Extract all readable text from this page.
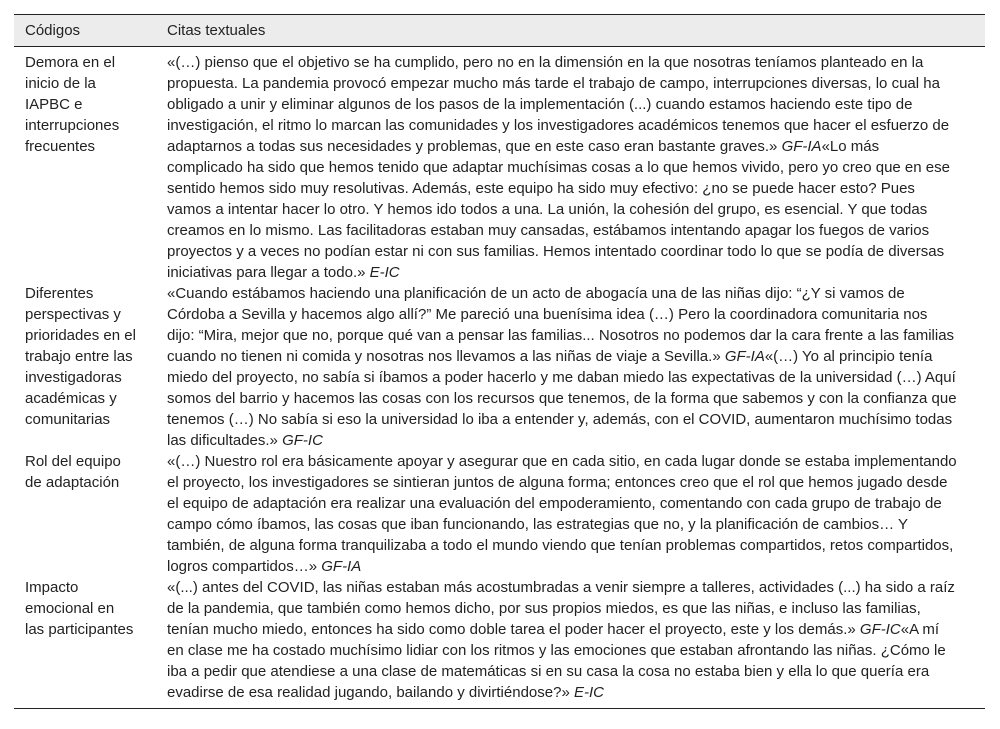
Códigos	Citas textuales
Demora en el inicio de la IAPBC e interrupciones frecuentes	«(…) pienso que el objetivo se ha cumplido, pero no en la dimensión en la que nosotras teníamos planteado en la propuesta. La pandemia provocó empezar mucho más tarde el trabajo de campo, interrupciones diversas, lo cual ha obligado a unir y eliminar algunos de los pasos de la implementación (...) cuando estamos haciendo este tipo de investigación, el ritmo lo marcan las comunidades y los investigadores académicos tenemos que hacer el esfuerzo de adaptarnos a todas sus necesidades y problemas, que en este caso eran bastante graves.» GF-IA«Lo más complicado ha sido que hemos tenido que adaptar muchísimas cosas a lo que hemos vivido, pero yo creo que en ese sentido hemos sido muy resolutivas. Además, este equipo ha sido muy efectivo: ¿no se puede hacer esto? Pues vamos a intentar hacer lo otro. Y hemos ido todos a una. La unión, la cohesión del grupo, es esencial. Y que todas creamos en lo mismo. Las facilitadoras estaban muy cansadas, estábamos intentando apagar los fuegos de varios proyectos y a veces no podían estar ni con sus familias. Hemos intentado coordinar todo lo que se podía de diversas iniciativas para llegar a todo.» E-IC
Diferentes perspectivas y prioridades en el trabajo entre las investigadoras académicas y comunitarias	«Cuando estábamos haciendo una planificación de un acto de abogacía una de las niñas dijo: “¿Y si vamos de Córdoba a Sevilla y hacemos algo allí?” Me pareció una buenísima idea (…) Pero la coordinadora comunitaria nos dijo: “Mira, mejor que no, porque qué van a pensar las familias... Nosotros no podemos dar la cara frente a las familias cuando no tienen ni comida y nosotras nos llevamos a las niñas de viaje a Sevilla.» GF-IA«(…) Yo al principio tenía miedo del proyecto, no sabía si íbamos a poder hacerlo y me daban miedo las expectativas de la universidad (…) Aquí somos del barrio y hacemos las cosas con los recursos que tenemos, de la forma que sabemos y con la confianza que tenemos (…) No sabía si eso la universidad lo iba a entender y, además, con el COVID, aumentaron muchísimo todas las dificultades.» GF-IC
Rol del equipo de adaptación	«(…) Nuestro rol era básicamente apoyar y asegurar que en cada sitio, en cada lugar donde se estaba implementando el proyecto, los investigadores se sintieran juntos de alguna forma; entonces creo que el rol que hemos jugado desde el equipo de adaptación era realizar una evaluación del empoderamiento, comentando con cada grupo de trabajo de campo cómo íbamos, las cosas que iban funcionando, las estrategias que no, y la planificación de cambios… Y también, de alguna forma tranquilizaba a todo el mundo viendo que tenían problemas compartidos, retos compartidos, logros compartidos…» GF-IA
Impacto emocional en las participantes	«(...) antes del COVID, las niñas estaban más acostumbradas a venir siempre a talleres, actividades (...) ha sido a raíz de la pandemia, que también como hemos dicho, por sus propios miedos, es que las niñas, e incluso las familias, tenían mucho miedo, entonces ha sido como doble tarea el poder hacer el proyecto, este y los demás.» GF-IC«A mí en clase me ha costado muchísimo lidiar con los ritmos y las emociones que estaban afrontando las niñas. ¿Cómo le iba a pedir que atendiese a una clase de matemáticas si en su casa la cosa no estaba bien y ella lo que quería era evadirse de esa realidad jugando, bailando y divirtiéndose?» E-IC
